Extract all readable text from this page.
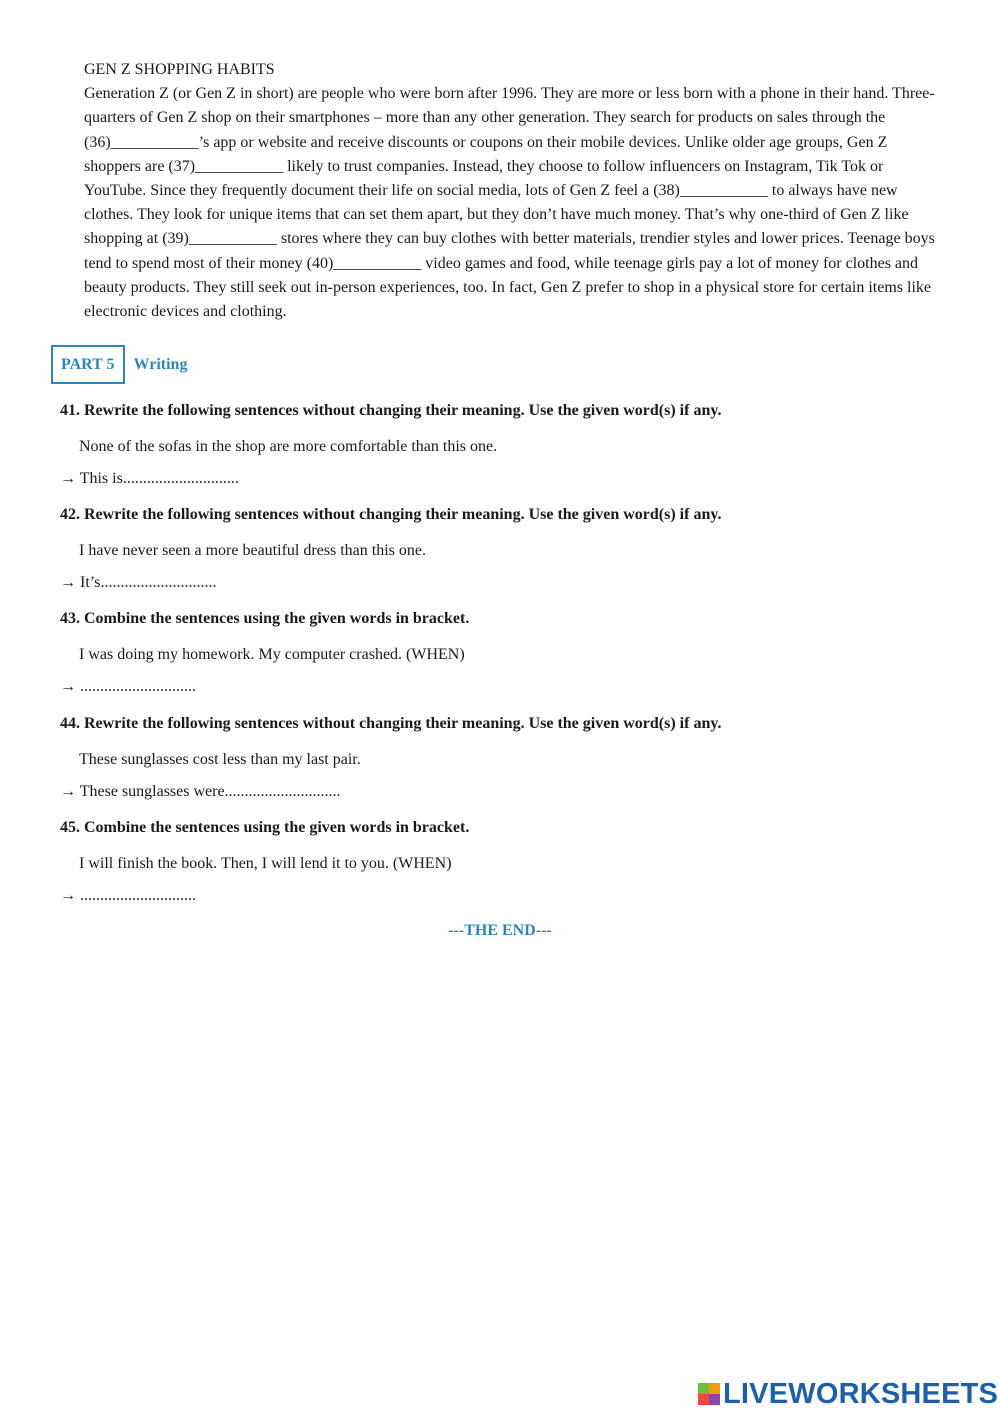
GEN Z SHOPPING HABITS
Generation Z (or Gen Z in short) are people who were born after 1996. They are more or less born with a phone in their hand. Three-quarters of Gen Z shop on their smartphones – more than any other generation. They search for products on sales through the (36)___________’s app or website and receive discounts or coupons on their mobile devices. Unlike older age groups, Gen Z shoppers are (37)___________ likely to trust companies. Instead, they choose to follow influencers on Instagram, Tik Tok or YouTube. Since they frequently document their life on social media, lots of Gen Z feel a (38)___________ to always have new clothes. They look for unique items that can set them apart, but they don’t have much money. That’s why one-third of Gen Z like shopping at (39)___________ stores where they can buy clothes with better materials, trendier styles and lower prices. Teenage boys tend to spend most of their money (40)___________ video games and food, while teenage girls pay a lot of money for clothes and beauty products. They still seek out in-person experiences, too. In fact, Gen Z prefer to shop in a physical store for certain items like electronic devices and clothing.
PART 5	Writing
41. Rewrite the following sentences without changing their meaning. Use the given word(s) if any.
None of the sofas in the shop are more comfortable than this one.
→ This is.............................
42. Rewrite the following sentences without changing their meaning. Use the given word(s) if any.
I have never seen a more beautiful dress than this one.
→ It’s.............................
43. Combine the sentences using the given words in bracket.
I was doing my homework. My computer crashed. (WHEN)
→ .............................
44. Rewrite the following sentences without changing their meaning. Use the given word(s) if any.
These sunglasses cost less than my last pair.
→ These sunglasses were.............................
45. Combine the sentences using the given words in bracket.
I will finish the book. Then, I will lend it to you. (WHEN)
→ .............................
---THE END---
LIVEWORKSHEETS
